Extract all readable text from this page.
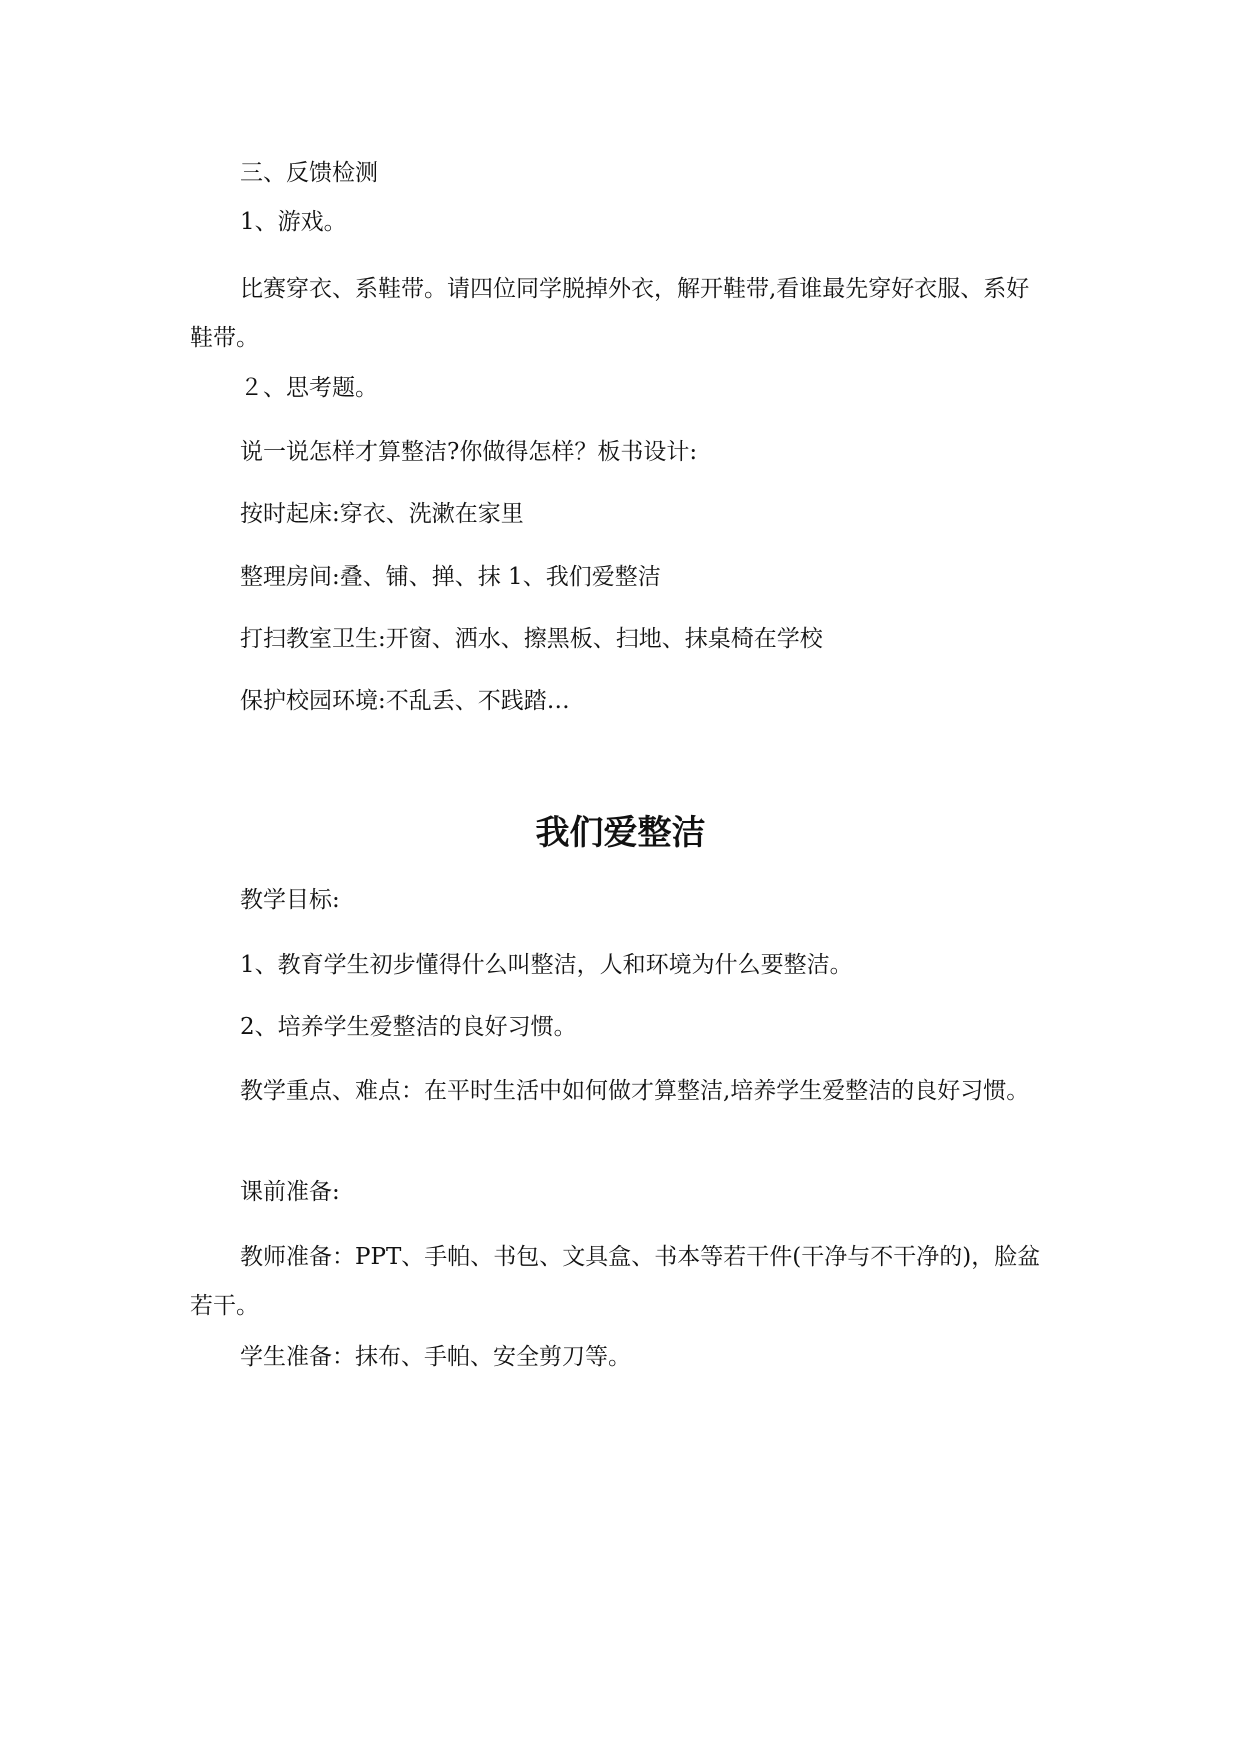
三、反馈检测

1、游戏。

比赛穿衣、系鞋带。请四位同学脱掉外衣，解开鞋带,看谁最先穿好衣服、系好鞋带。

２、思考题。

说一说怎样才算整洁?你做得怎样？板书设计:

按时起床:穿衣、洗漱在家里

整理房间:叠、铺、掸、抹 1、我们爱整洁

打扫教室卫生:开窗、洒水、擦黑板、扫地、抹桌椅在学校

保护校园环境:不乱丢、不践踏…

我们爱整洁

教学目标:

1、教育学生初步懂得什么叫整洁，人和环境为什么要整洁。

2、培养学生爱整洁的良好习惯。

教学重点、难点：在平时生活中如何做才算整洁,培养学生爱整洁的良好习惯。

课前准备:

教师准备：PPT、手帕、书包、文具盒、书本等若干件(干净与不干净的)，脸盆若干。

学生准备：抹布、手帕、安全剪刀等。
